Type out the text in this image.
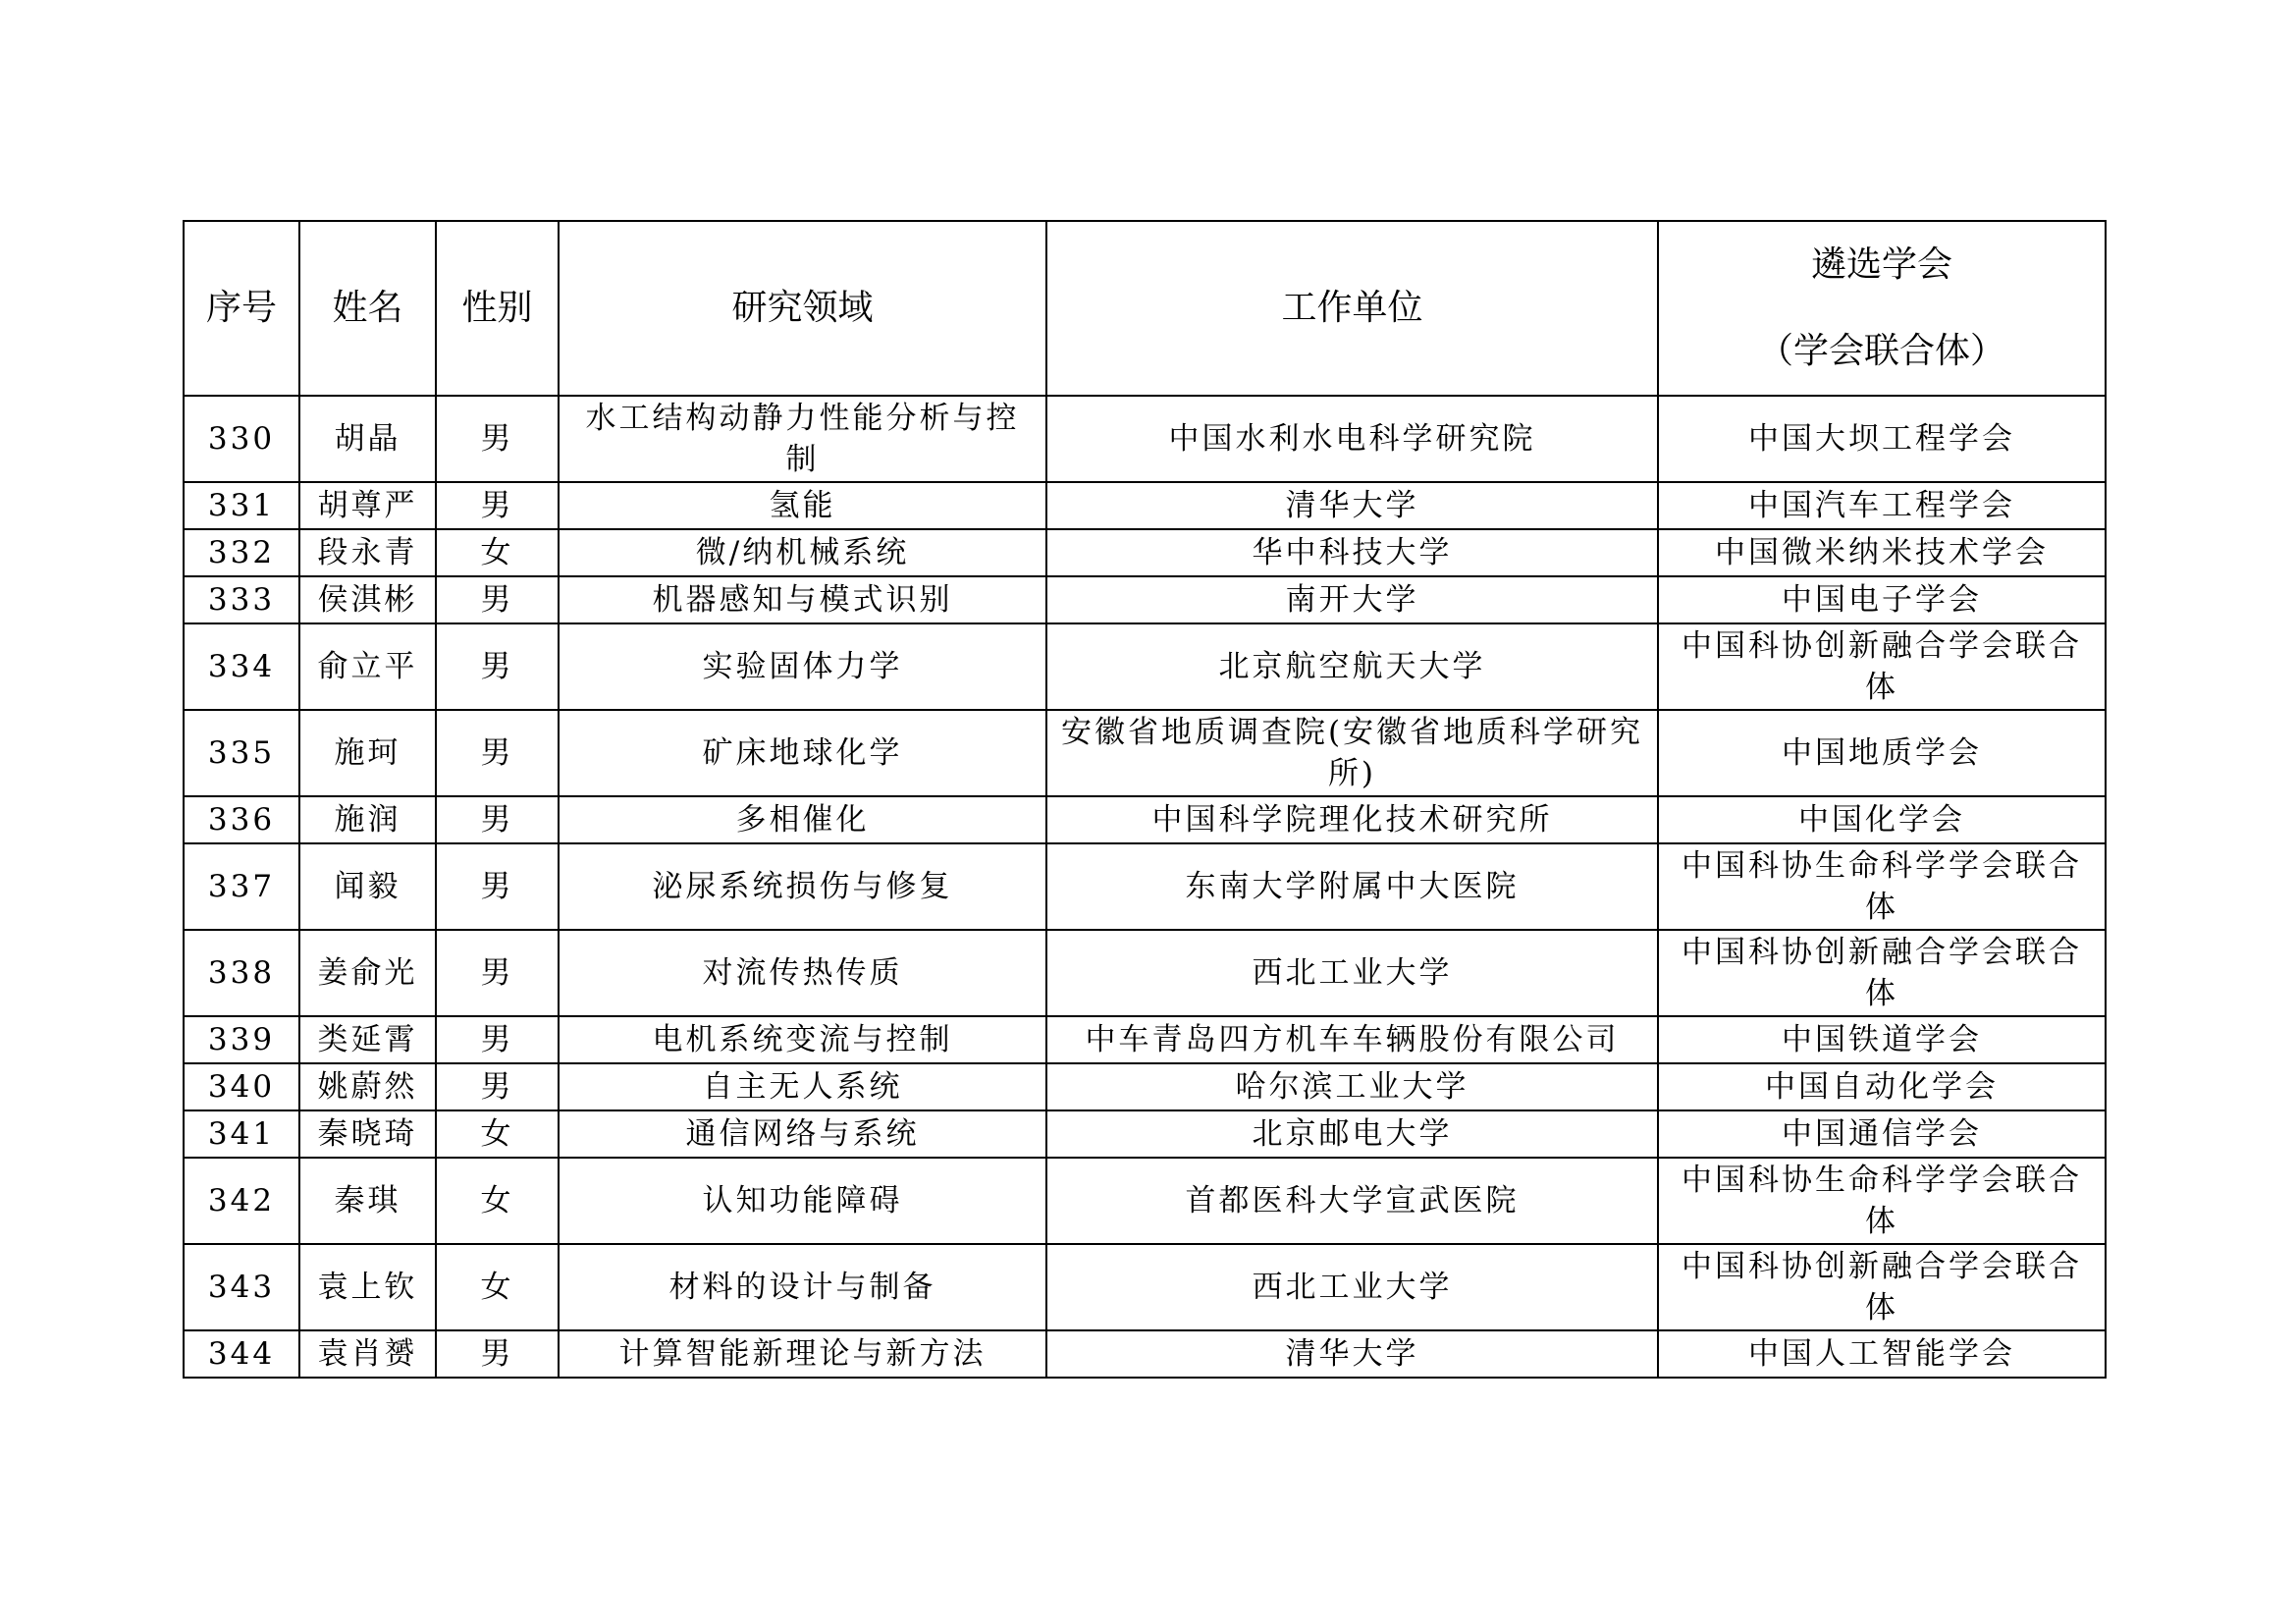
序号	姓名	性别	研究领域	工作单位	遴选学会
（学会联合体）

330	胡晶	男	水工结构动静力性能分析与控制	中国水利水电科学研究院	中国大坝工程学会
331	胡尊严	男	氢能	清华大学	中国汽车工程学会
332	段永青	女	微/纳机械系统	华中科技大学	中国微米纳米技术学会
333	侯淇彬	男	机器感知与模式识别	南开大学	中国电子学会
334	俞立平	男	实验固体力学	北京航空航天大学	中国科协创新融合学会联合体
335	施珂	男	矿床地球化学	安徽省地质调查院(安徽省地质科学研究所)	中国地质学会
336	施润	男	多相催化	中国科学院理化技术研究所	中国化学会
337	闻毅	男	泌尿系统损伤与修复	东南大学附属中大医院	中国科协生命科学学会联合体
338	姜俞光	男	对流传热传质	西北工业大学	中国科协创新融合学会联合体
339	类延霄	男	电机系统变流与控制	中车青岛四方机车车辆股份有限公司	中国铁道学会
340	姚蔚然	男	自主无人系统	哈尔滨工业大学	中国自动化学会
341	秦晓琦	女	通信网络与系统	北京邮电大学	中国通信学会
342	秦琪	女	认知功能障碍	首都医科大学宣武医院	中国科协生命科学学会联合体
343	袁上钦	女	材料的设计与制备	西北工业大学	中国科协创新融合学会联合体
344	袁肖赟	男	计算智能新理论与新方法	清华大学	中国人工智能学会
